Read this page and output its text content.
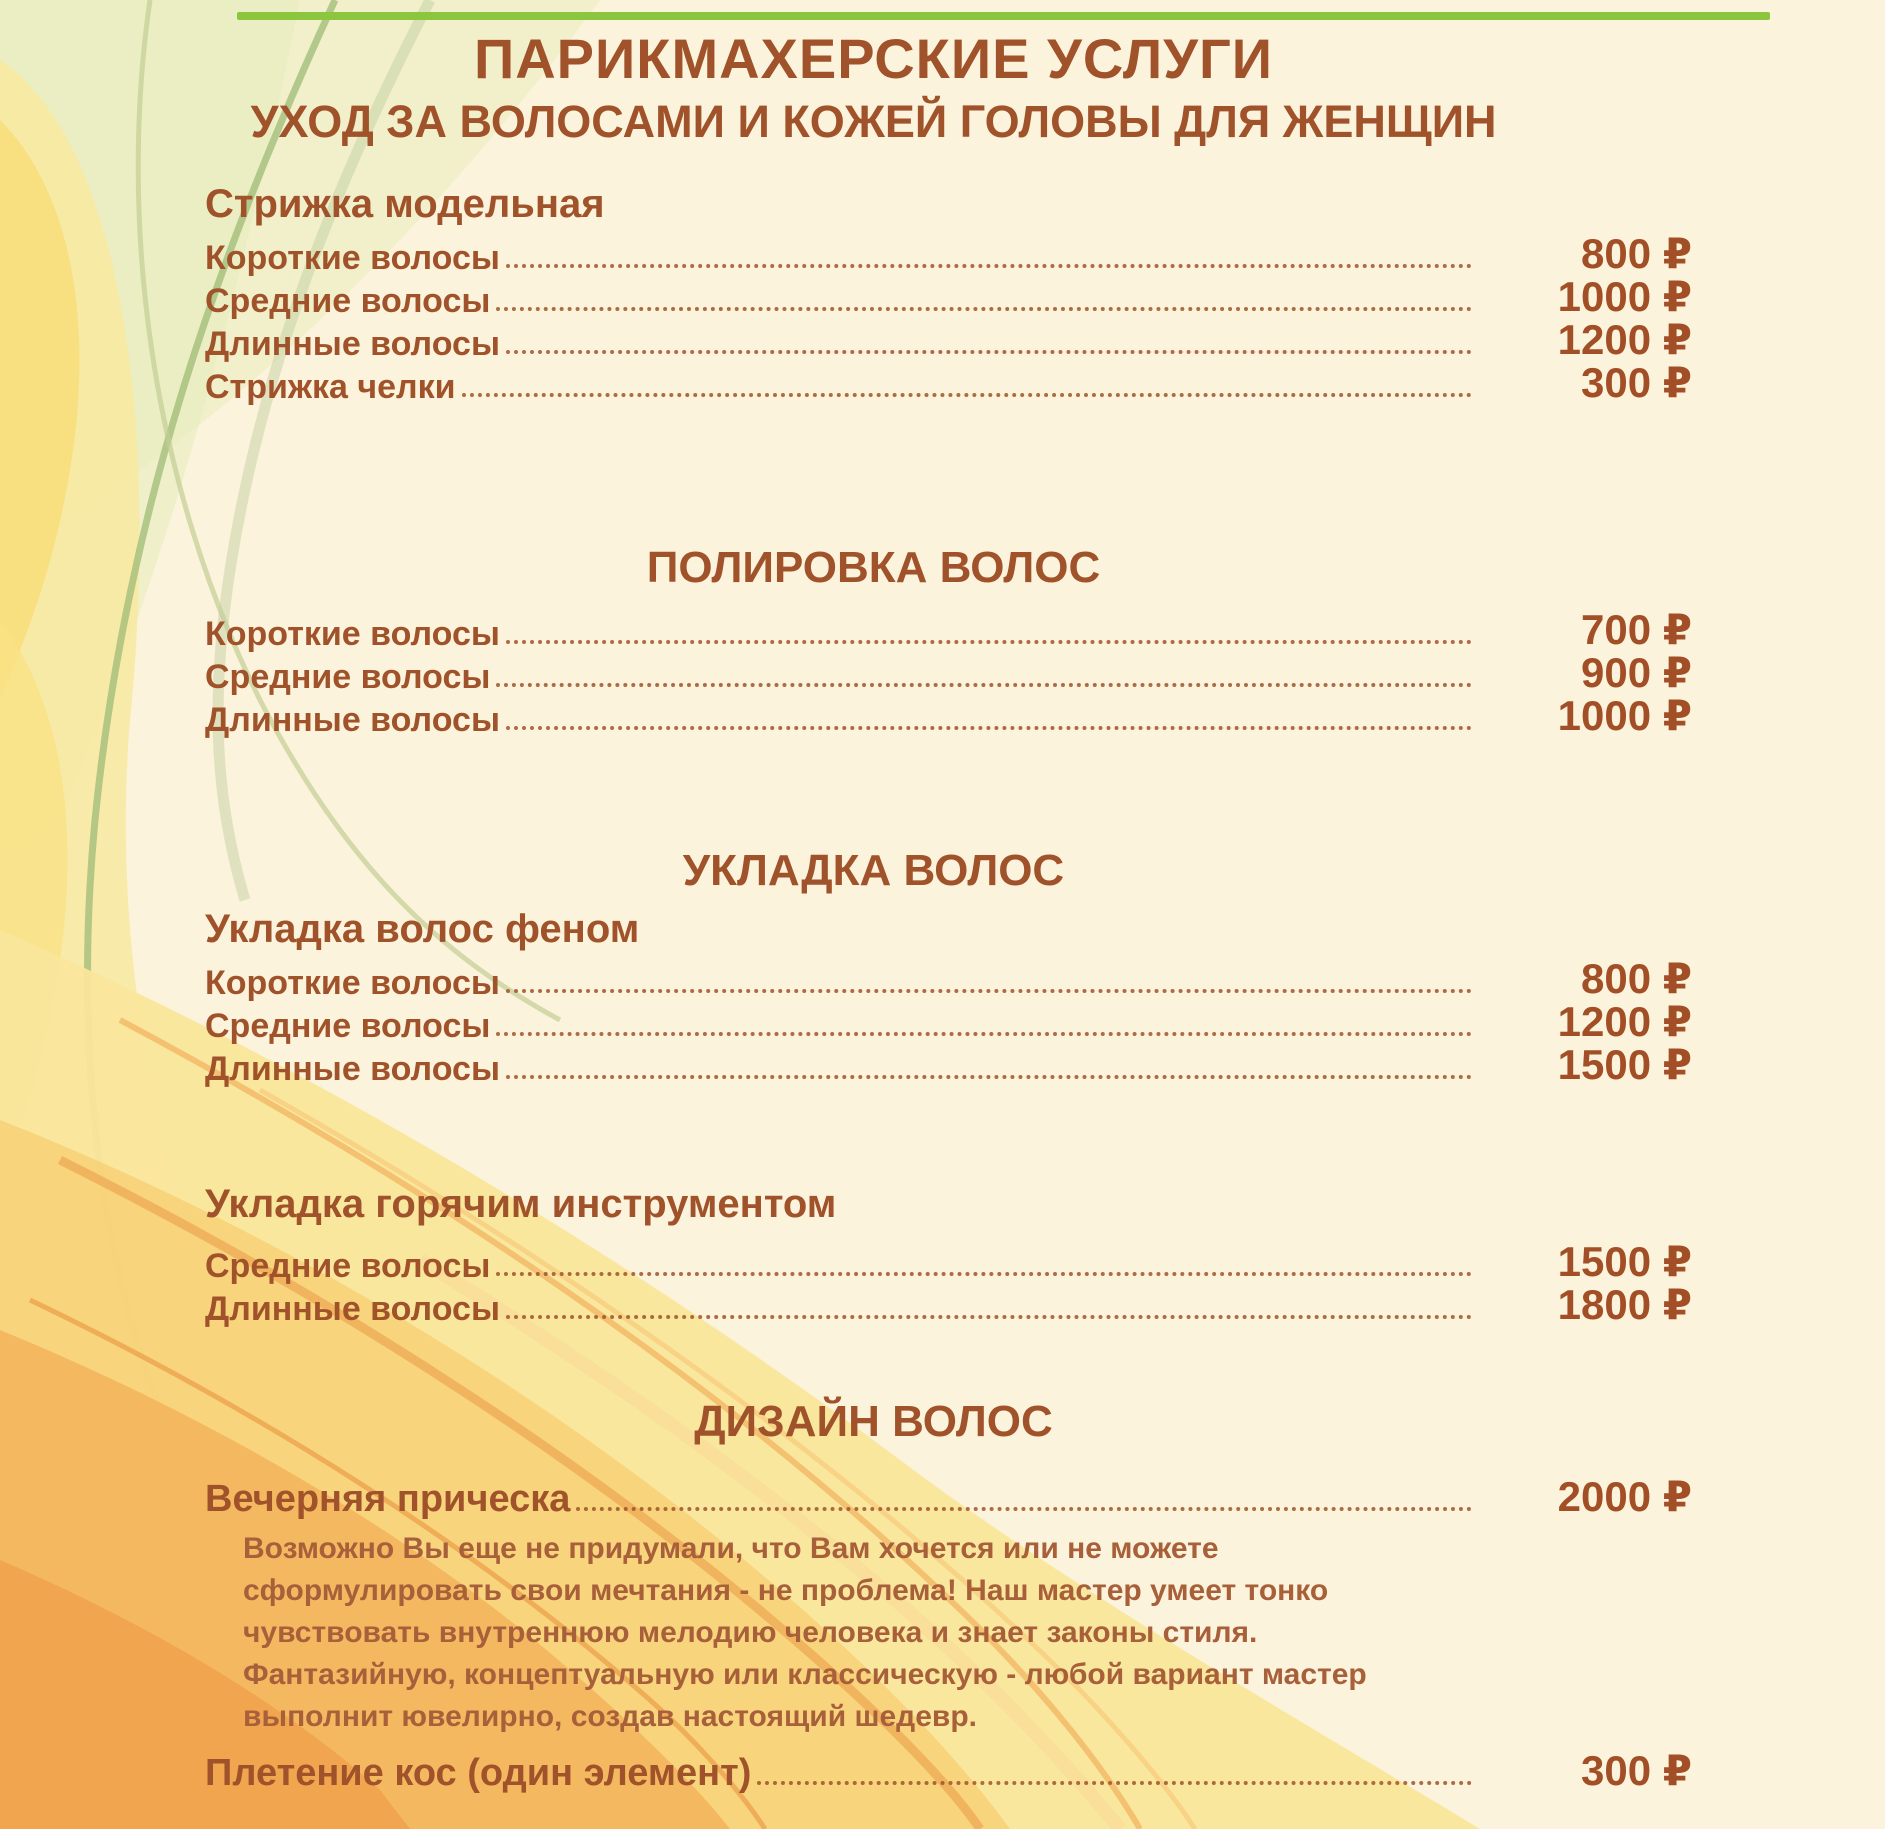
ПАРИКМАХЕРСКИЕ УСЛУГИ
УХОД ЗА ВОЛОСАМИ И КОЖЕЙ ГОЛОВЫ ДЛЯ ЖЕНЩИН
Стрижка модельная
Короткие волосы	800 ₽
Средние волосы	1000 ₽
Длинные волосы	1200 ₽
Стрижка челки	300 ₽
ПОЛИРОВКА ВОЛОС
Короткие волосы	700 ₽
Средние волосы	900 ₽
Длинные волосы	1000 ₽
УКЛАДКА ВОЛОС
Укладка волос феном
Короткие волосы	800 ₽
Средние волосы	1200 ₽
Длинные волосы	1500 ₽
Укладка горячим инструментом
Средние волосы	1500 ₽
Длинные волосы	1800 ₽
ДИЗАЙН ВОЛОС
Вечерняя прическа	2000 ₽
Возможно Вы еще не придумали, что Вам хочется или не можете сформулировать свои мечтания - не проблема! Наш мастер умеет тонко чувствовать внутреннюю мелодию человека и знает законы стиля. Фантазийную, концептуальную или классическую - любой вариант мастер выполнит ювелирно, создав настоящий шедевр.
Плетение кос (один элемент)	300 ₽
